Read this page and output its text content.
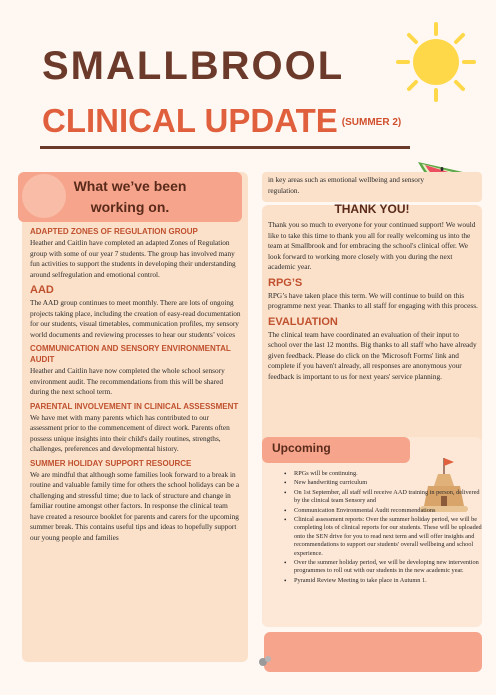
SMALLBROOL
CLINICAL UPDATE (SUMMER 2)
What we’ve been
working on.
ADAPTED ZONES OF REGULATION GROUP

Heather and Caitlin have completed an adapted Zones of Regulation group with some of our year 7 students. The group has involved many fun activities to support the students in developing their understanding around selfregulation and emotional control.

AAD

The AAD group continues to meet monthly. There are lots of ongoing projects taking place, including the creation of easy-read documentation for our students, visual timetables, communication profiles, my sensory world documents and reviewing processes to hear our students’ voices

COMMUNICATION AND SENSORY ENVIRONMENTAL AUDIT

Heather and Caitlin have now completed the whole school sensory environment audit. The recommendations from this will be shared during the next school term.

PARENTAL INVOLVEMENT IN CLINICAL ASSESSMENT

We have met with many parents which has contributed to our assessment prior to the commencement of direct work. Parents often possess unique insights into their child's daily routines, strengths, challenges, preferences and developmental history.

SUMMER HOLIDAY SUPPORT RESOURCE

We are mindful that although some families look forward to a break in routine and valuable family time for others the school holidays can be a challenging and stressful time; due to lack of structure and change in familiar routine amongst other factors. In response the clinical team have created a resource booklet for parents and carers for the upcoming summer break. This contains useful tips and ideas to hopefully support our young people and families

in key areas such as emotional wellbeing and sensory regulation.

THANK YOU!

Thank you so much to everyone for your continued support! We would like to take this time to thank you all for really welcoming us into the team at Smallbrook and for embracing the school's clinical offer. We look forward to working more closely with you during the next academic year.

RPG’S

RPG’s have taken place this term. We will continue to build on this programme next year. Thanks to all staff for engaging with this process.

EVALUATION

The clinical team have coordinated an evaluation of their input to school over the last 12 months. Big thanks to all staff who have already given feedback. Please do click on the 'Microsoft Forms' link and complete if you haven't already, all responses are anonymous your feedback is important to us for next years' service planning.

Upcoming
• RPGs will be continuing.
• New handwriting curriculum
• On 1st September, all staff will receive AAD training in person, delivered by the clinical team Sensory and
• Communication Environmental Audit recommendations
• Clinical assessment reports: Over the summer holiday period, we will be completing lots of clinical reports for our students. These will be uploaded onto the SEN drive for you to read next term and will offer insights and recommendations to support our students' overall wellbeing and school experience.
• Over the summer holiday period, we will be developing new intervention programmes to roll out with our students in the new academic year.
• Pyramid Review Meeting to take place in Autumn 1.
